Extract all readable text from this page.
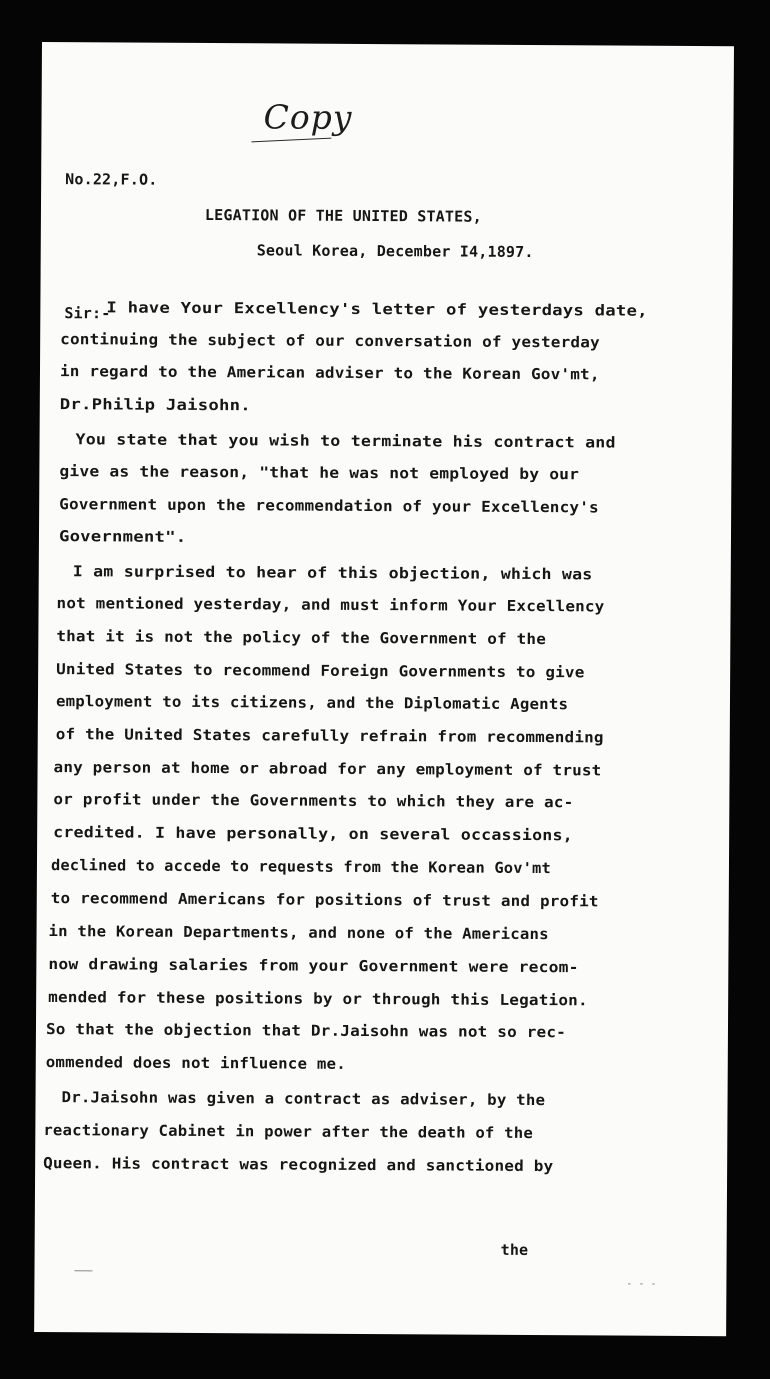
Copy
No.22,F.O.
LEGATION OF THE UNITED STATES,
Seoul Korea, December I4,1897.
Sir:-
I have Your Excellency's letter of yesterdays date,
continuing the subject of our conversation of yesterday
in regard to the American adviser to the Korean Gov'mt,
Dr.Philip Jaisohn.
You state that you wish to terminate his contract and
give as the reason, "that he was not employed by our
Government upon the recommendation of your Excellency's
Government".
I am surprised to hear of this objection, which was
not mentioned yesterday, and must inform Your Excellency
that it is not the policy of the Government of the
United States to recommend Foreign Governments to give
employment to its citizens, and the Diplomatic Agents
of the United States carefully refrain from recommending
any person at home or abroad for any employment of trust
or profit under the Governments to which they are ac-
credited. I have personally, on several occassions,
declined to accede to requests from the Korean Gov'mt
to recommend Americans for positions of trust and profit
in the Korean Departments, and none of the Americans
now drawing salaries from your Government were recom-
mended for these positions by or through this Legation.
So that the objection that Dr.Jaisohn was not so rec-
ommended does not influence me.
Dr.Jaisohn was given a contract as adviser, by the
reactionary Cabinet in power after the death of the
Queen. His contract was recognized and sanctioned by
the
- - -
